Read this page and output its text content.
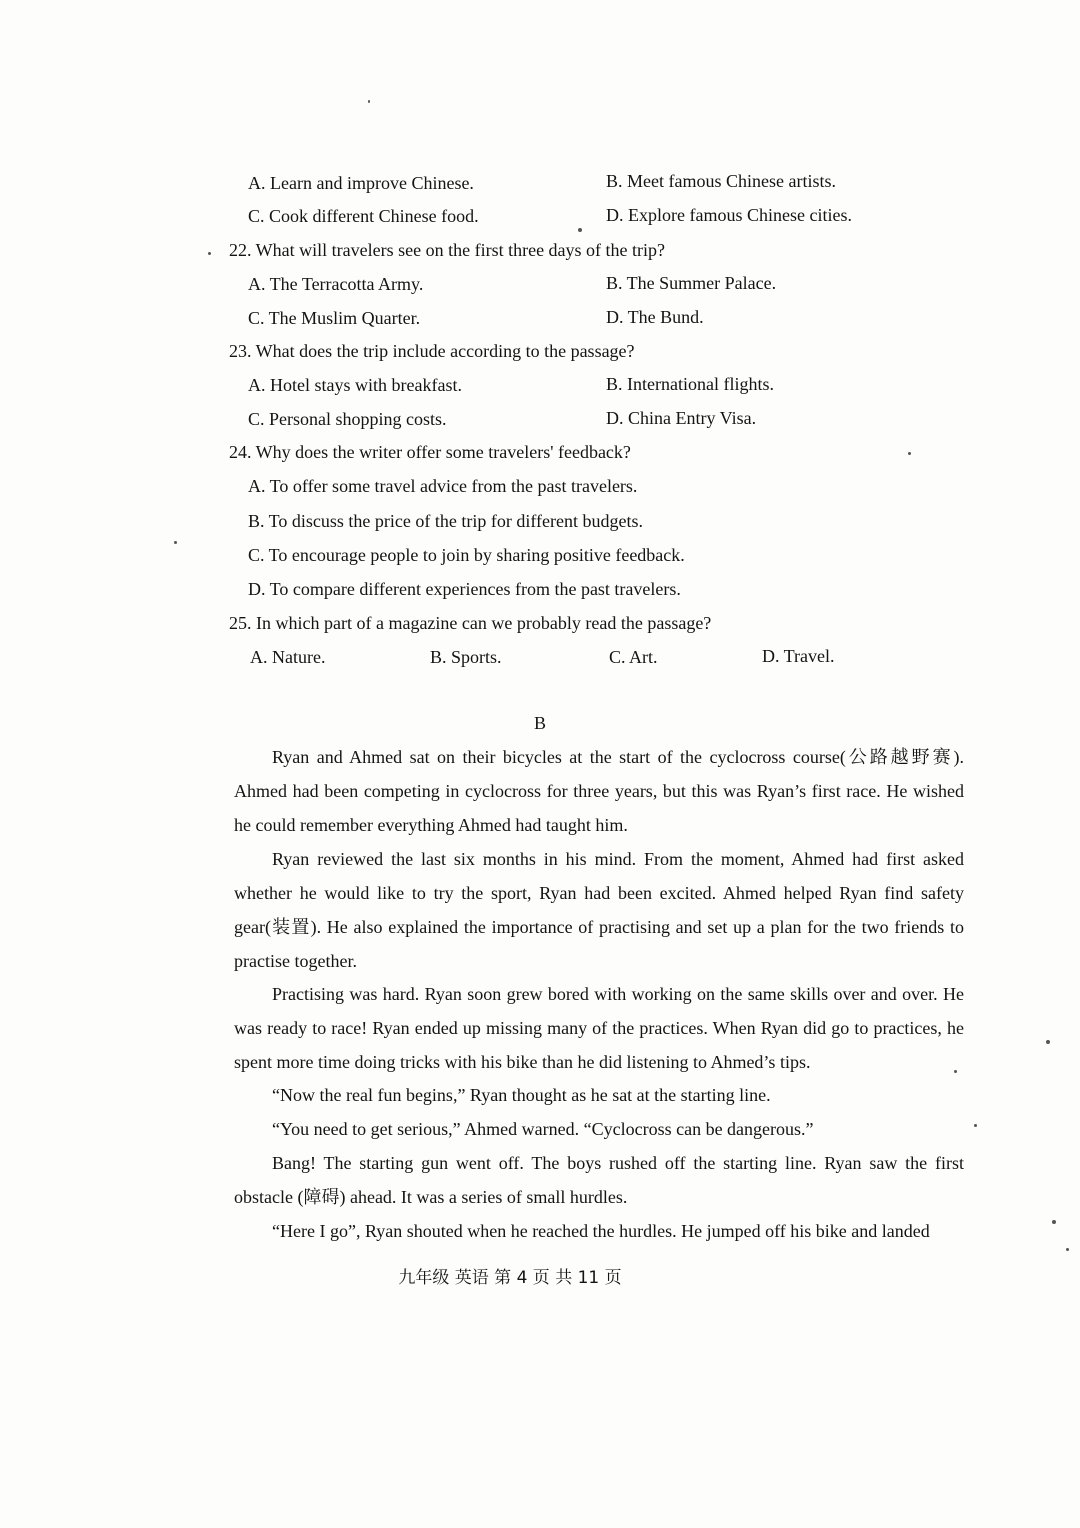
A. Learn and improve Chinese.	B. Meet famous Chinese artists.
C. Cook different Chinese food.	D. Explore famous Chinese cities.
22. What will travelers see on the first three days of the trip?
A. The Terracotta Army.	B. The Summer Palace.
C. The Muslim Quarter.	D. The Bund.
23. What does the trip include according to the passage?
A. Hotel stays with breakfast.	B. International flights.
C. Personal shopping costs.	D. China Entry Visa.
24. Why does the writer offer some travelers' feedback?
A. To offer some travel advice from the past travelers.
B. To discuss the price of the trip for different budgets.
C. To encourage people to join by sharing positive feedback.
D. To compare different experiences from the past travelers.
25. In which part of a magazine can we probably read the passage?
A. Nature.	B. Sports.	C. Art.	D. Travel.
B
Ryan and Ahmed sat on their bicycles at the start of the cyclocross course(公路越野赛). Ahmed had been competing in cyclocross for three years, but this was Ryan’s first race. He wished he could remember everything Ahmed had taught him.
Ryan reviewed the last six months in his mind. From the moment, Ahmed had first asked whether he would like to try the sport, Ryan had been excited. Ahmed helped Ryan find safety gear(装置). He also explained the importance of practising and set up a plan for the two friends to practise together.
Practising was hard. Ryan soon grew bored with working on the same skills over and over. He was ready to race! Ryan ended up missing many of the practices. When Ryan did go to practices, he spent more time doing tricks with his bike than he did listening to Ahmed’s tips.
“Now the real fun begins,” Ryan thought as he sat at the starting line.
“You need to get serious,” Ahmed warned. “Cyclocross can be dangerous.”
Bang! The starting gun went off. The boys rushed off the starting line. Ryan saw the first obstacle (障碍) ahead. It was a series of small hurdles.
“Here I go”, Ryan shouted when he reached the hurdles. He jumped off his bike and landed
九年级 英语 第 4 页 共 11 页
